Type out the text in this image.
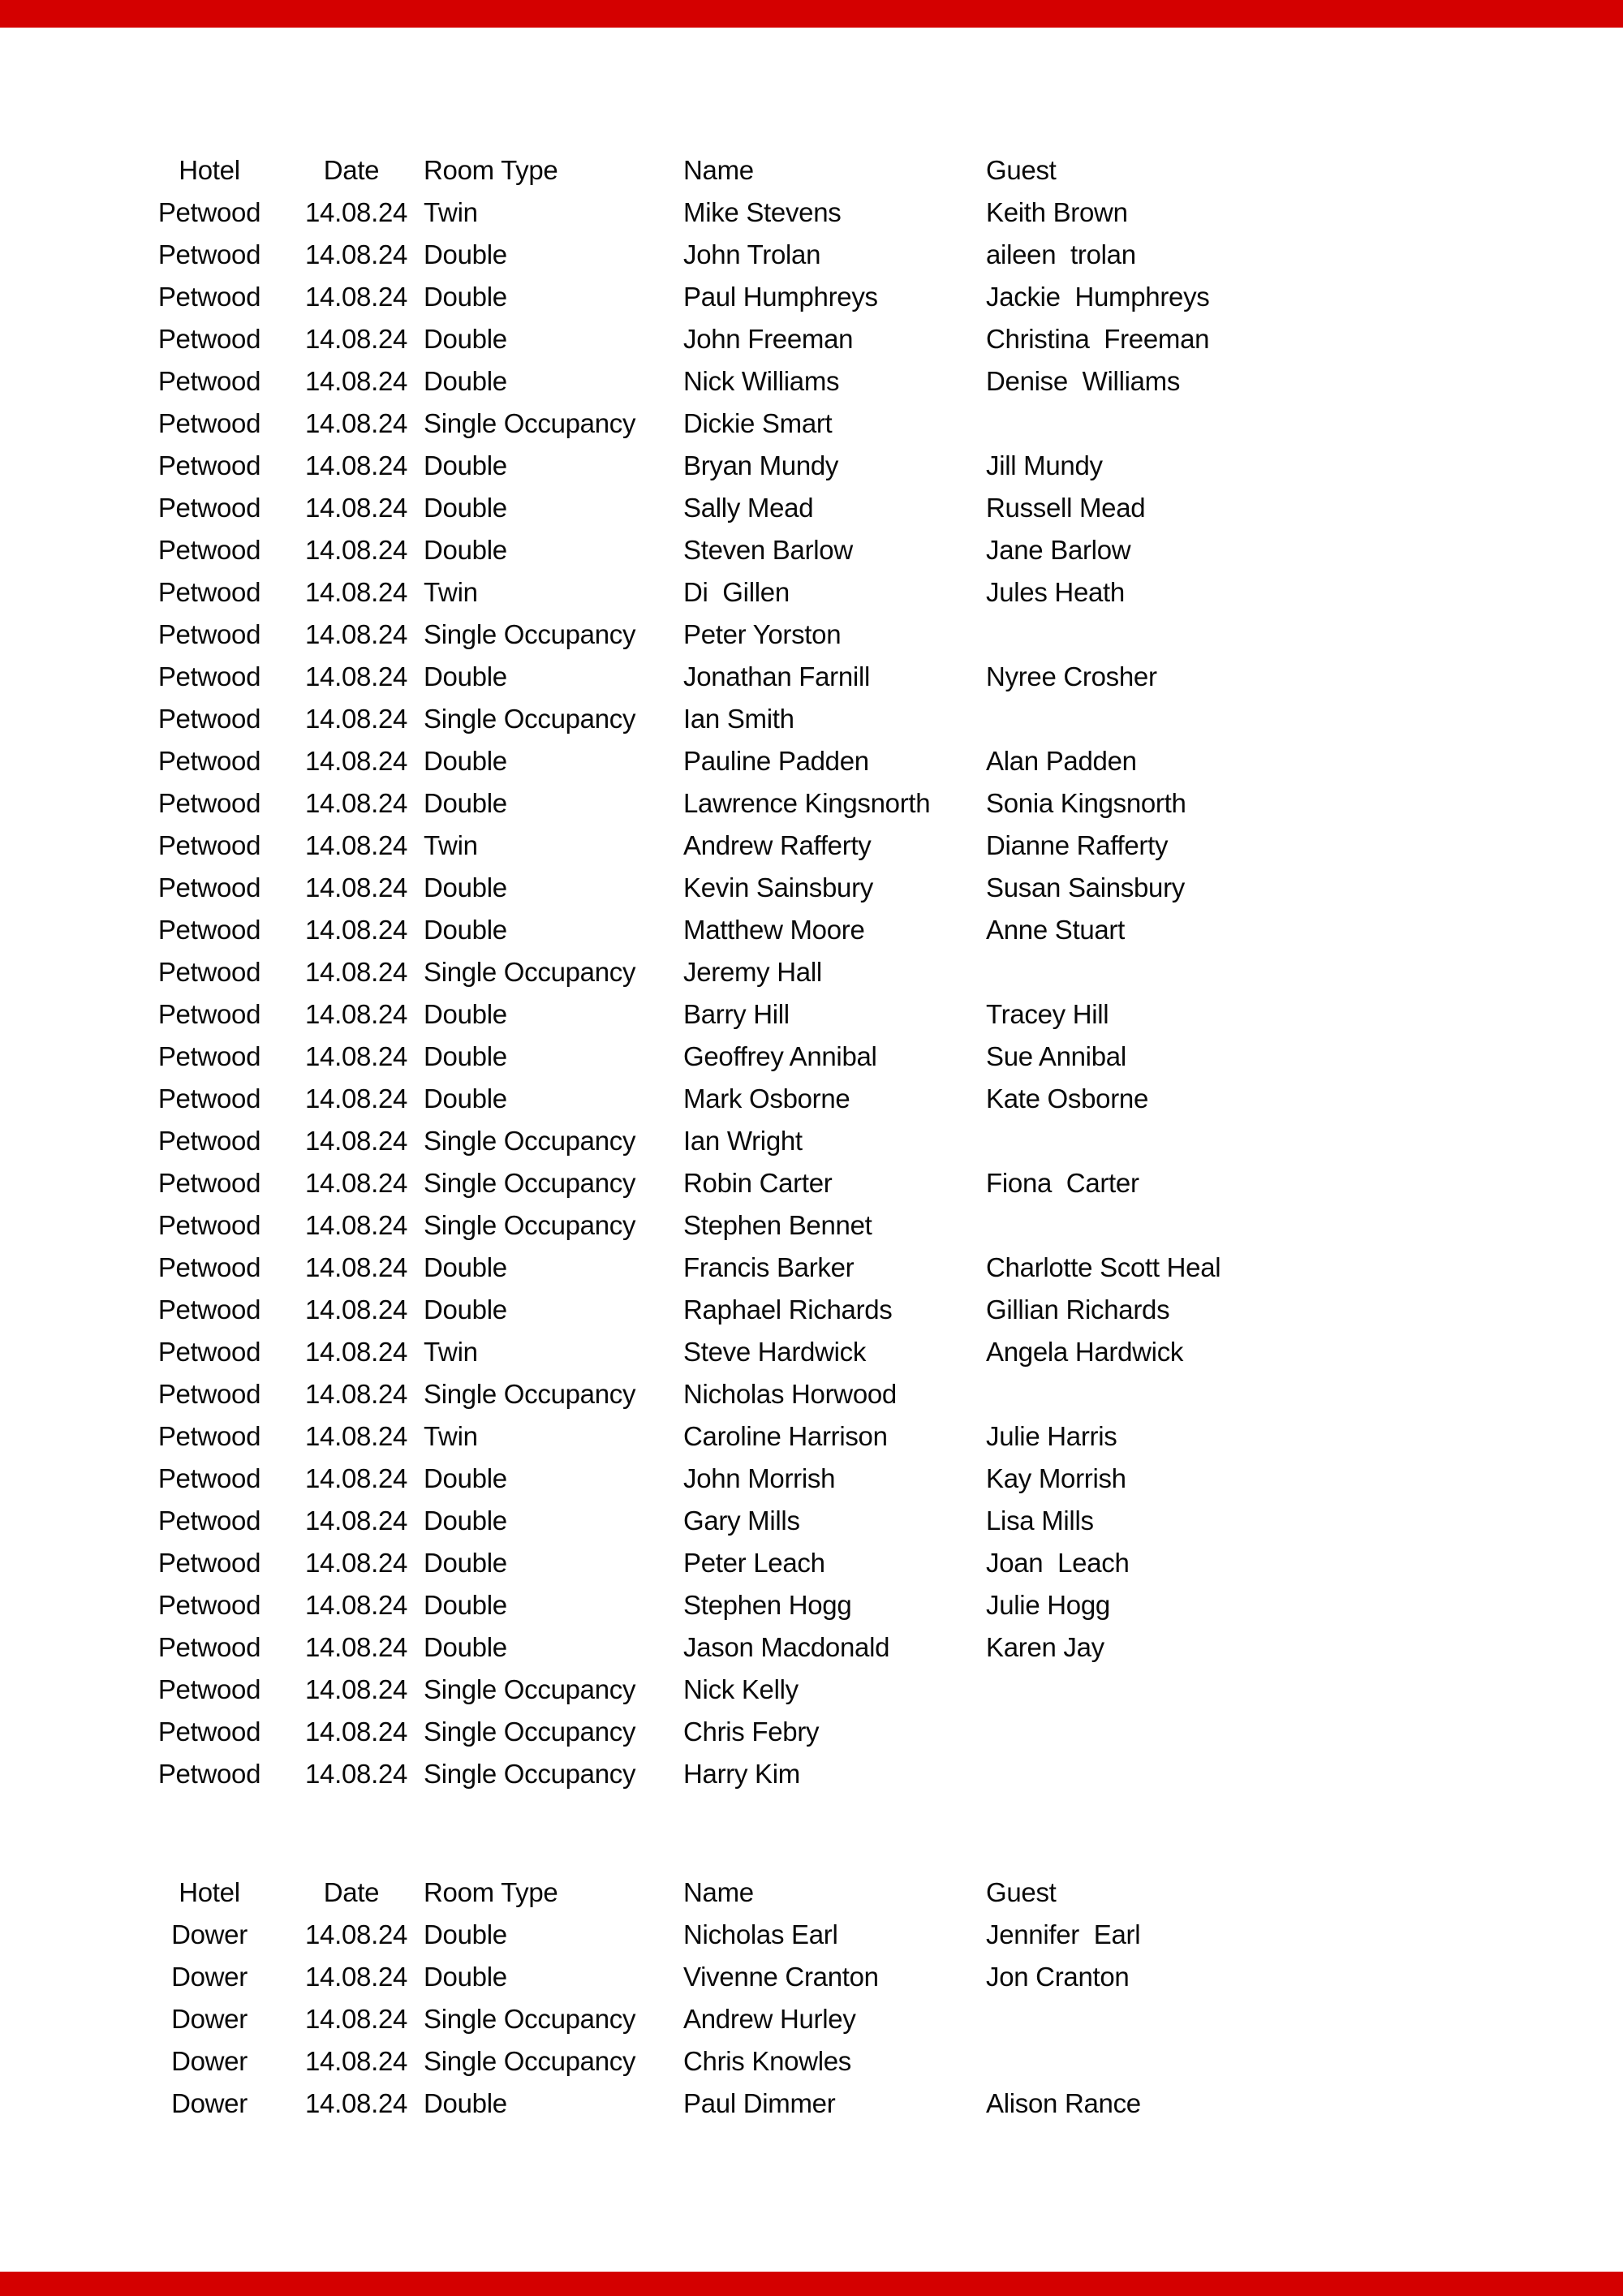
Hotel	Date	Room Type	Name	Guest
Petwood	14.08.24 Twin	Mike Stevens	Keith Brown
Petwood	14.08.24 Double	John Trolan	aileen  trolan
Petwood	14.08.24 Double	Paul Humphreys	Jackie  Humphreys
Petwood	14.08.24 Double	John Freeman	Christina  Freeman
Petwood	14.08.24 Double	Nick Williams	Denise  Williams
Petwood	14.08.24 Single Occupancy	Dickie Smart
Petwood	14.08.24 Double	Bryan Mundy	Jill Mundy
Petwood	14.08.24 Double	Sally Mead	Russell Mead
Petwood	14.08.24 Double	Steven Barlow	Jane Barlow
Petwood	14.08.24 Twin	Di  Gillen	Jules Heath
Petwood	14.08.24 Single Occupancy	Peter Yorston
Petwood	14.08.24 Double	Jonathan Farnill	Nyree Crosher
Petwood	14.08.24 Single Occupancy	Ian Smith
Petwood	14.08.24 Double	Pauline Padden	Alan Padden
Petwood	14.08.24 Double	Lawrence Kingsnorth	Sonia Kingsnorth
Petwood	14.08.24 Twin	Andrew Rafferty	Dianne Rafferty
Petwood	14.08.24 Double	Kevin Sainsbury	Susan Sainsbury
Petwood	14.08.24 Double	Matthew Moore	Anne Stuart
Petwood	14.08.24 Single Occupancy	Jeremy Hall
Petwood	14.08.24 Double	Barry Hill	Tracey Hill
Petwood	14.08.24 Double	Geoffrey Annibal	Sue Annibal
Petwood	14.08.24 Double	Mark Osborne	Kate Osborne
Petwood	14.08.24 Single Occupancy	Ian Wright
Petwood	14.08.24 Single Occupancy	Robin Carter	Fiona  Carter
Petwood	14.08.24 Single Occupancy	Stephen Bennet
Petwood	14.08.24 Double	Francis Barker	Charlotte Scott Heal
Petwood	14.08.24 Double	Raphael Richards	Gillian Richards
Petwood	14.08.24 Twin	Steve Hardwick	Angela Hardwick
Petwood	14.08.24 Single Occupancy	Nicholas Horwood
Petwood	14.08.24 Twin	Caroline Harrison	Julie Harris
Petwood	14.08.24 Double	John Morrish	Kay Morrish
Petwood	14.08.24 Double	Gary Mills	Lisa Mills
Petwood	14.08.24 Double	Peter Leach	Joan  Leach
Petwood	14.08.24 Double	Stephen Hogg	Julie Hogg
Petwood	14.08.24 Double	Jason Macdonald	Karen Jay
Petwood	14.08.24 Single Occupancy	Nick Kelly
Petwood	14.08.24 Single Occupancy	Chris Febry
Petwood	14.08.24 Single Occupancy	Harry Kim
Hotel	Date	Room Type	Name	Guest
Dower	14.08.24 Double	Nicholas Earl	Jennifer  Earl
Dower	14.08.24 Double	Vivenne Cranton	Jon Cranton
Dower	14.08.24 Single Occupancy	Andrew Hurley
Dower	14.08.24 Single Occupancy	Chris Knowles
Dower	14.08.24 Double	Paul Dimmer	Alison Rance
